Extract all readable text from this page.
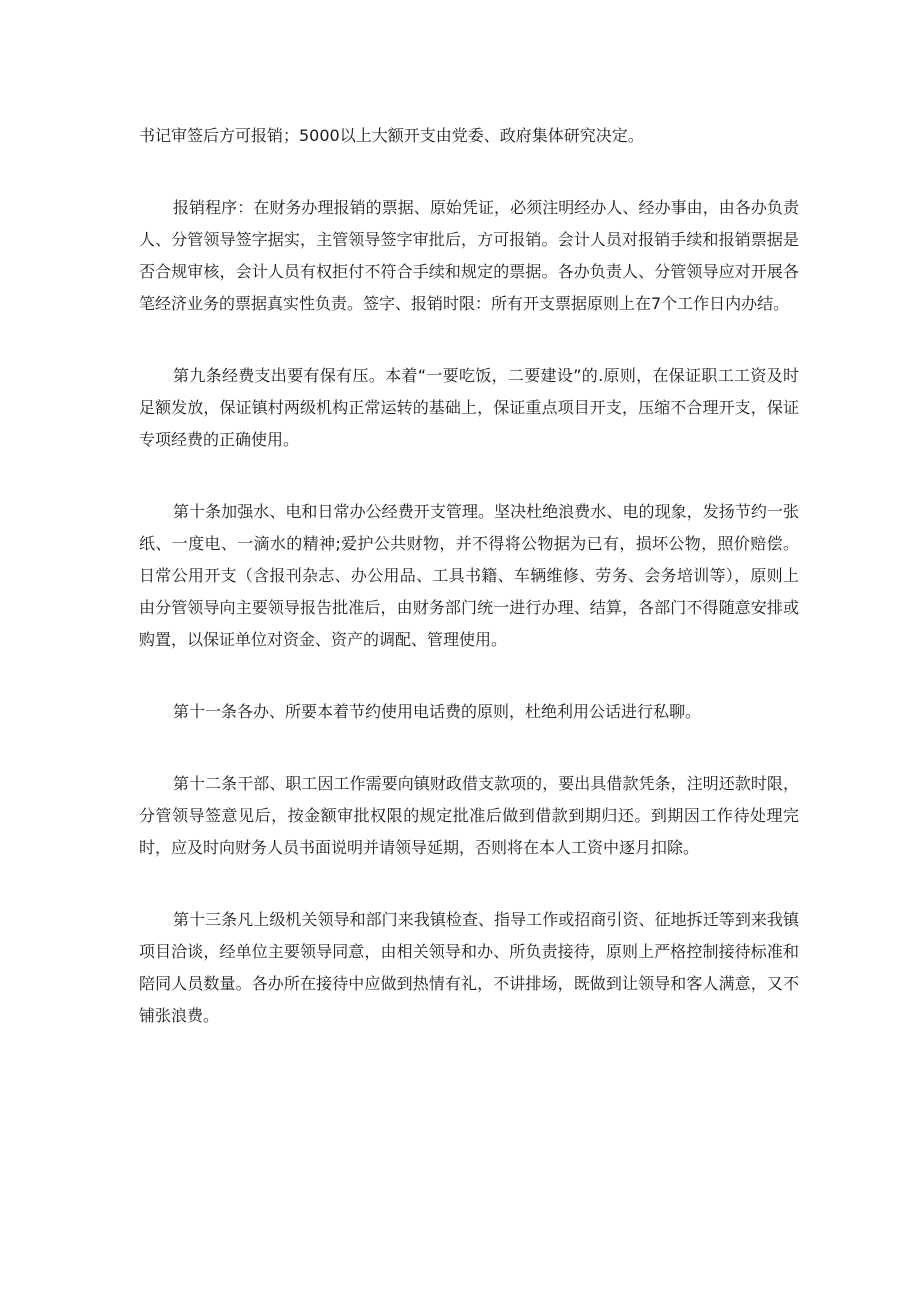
书记审签后方可报销；5000以上大额开支由党委、政府集体研究决定。

报销程序：在财务办理报销的票据、原始凭证，必须注明经办人、经办事由，由各办负责人、分管领导签字据实，主管领导签字审批后，方可报销。会计人员对报销手续和报销票据是否合规审核，会计人员有权拒付不符合手续和规定的票据。各办负责人、分管领导应对开展各笔经济业务的票据真实性负责。签字、报销时限：所有开支票据原则上在7个工作日内办结。

第九条经费支出要有保有压。本着“一要吃饭，二要建设”的.原则，在保证职工工资及时足额发放，保证镇村两级机构正常运转的基础上，保证重点项目开支，压缩不合理开支，保证专项经费的正确使用。

第十条加强水、电和日常办公经费开支管理。坚决杜绝浪费水、电的现象，发扬节约一张纸、一度电、一滴水的精神;爱护公共财物，并不得将公物据为已有，损坏公物，照价赔偿。日常公用开支（含报刊杂志、办公用品、工具书籍、车辆维修、劳务、会务培训等），原则上由分管领导向主要领导报告批准后，由财务部门统一进行办理、结算，各部门不得随意安排或购置，以保证单位对资金、资产的调配、管理使用。

第十一条各办、所要本着节约使用电话费的原则，杜绝利用公话进行私聊。

第十二条干部、职工因工作需要向镇财政借支款项的，要出具借款凭条，注明还款时限，分管领导签意见后，按金额审批权限的规定批准后做到借款到期归还。到期因工作待处理完时，应及时向财务人员书面说明并请领导延期，否则将在本人工资中逐月扣除。

第十三条凡上级机关领导和部门来我镇检查、指导工作或招商引资、征地拆迁等到来我镇项目洽谈，经单位主要领导同意，由相关领导和办、所负责接待，原则上严格控制接待标准和陪同人员数量。各办所在接待中应做到热情有礼，不讲排场，既做到让领导和客人满意，又不铺张浪费。
